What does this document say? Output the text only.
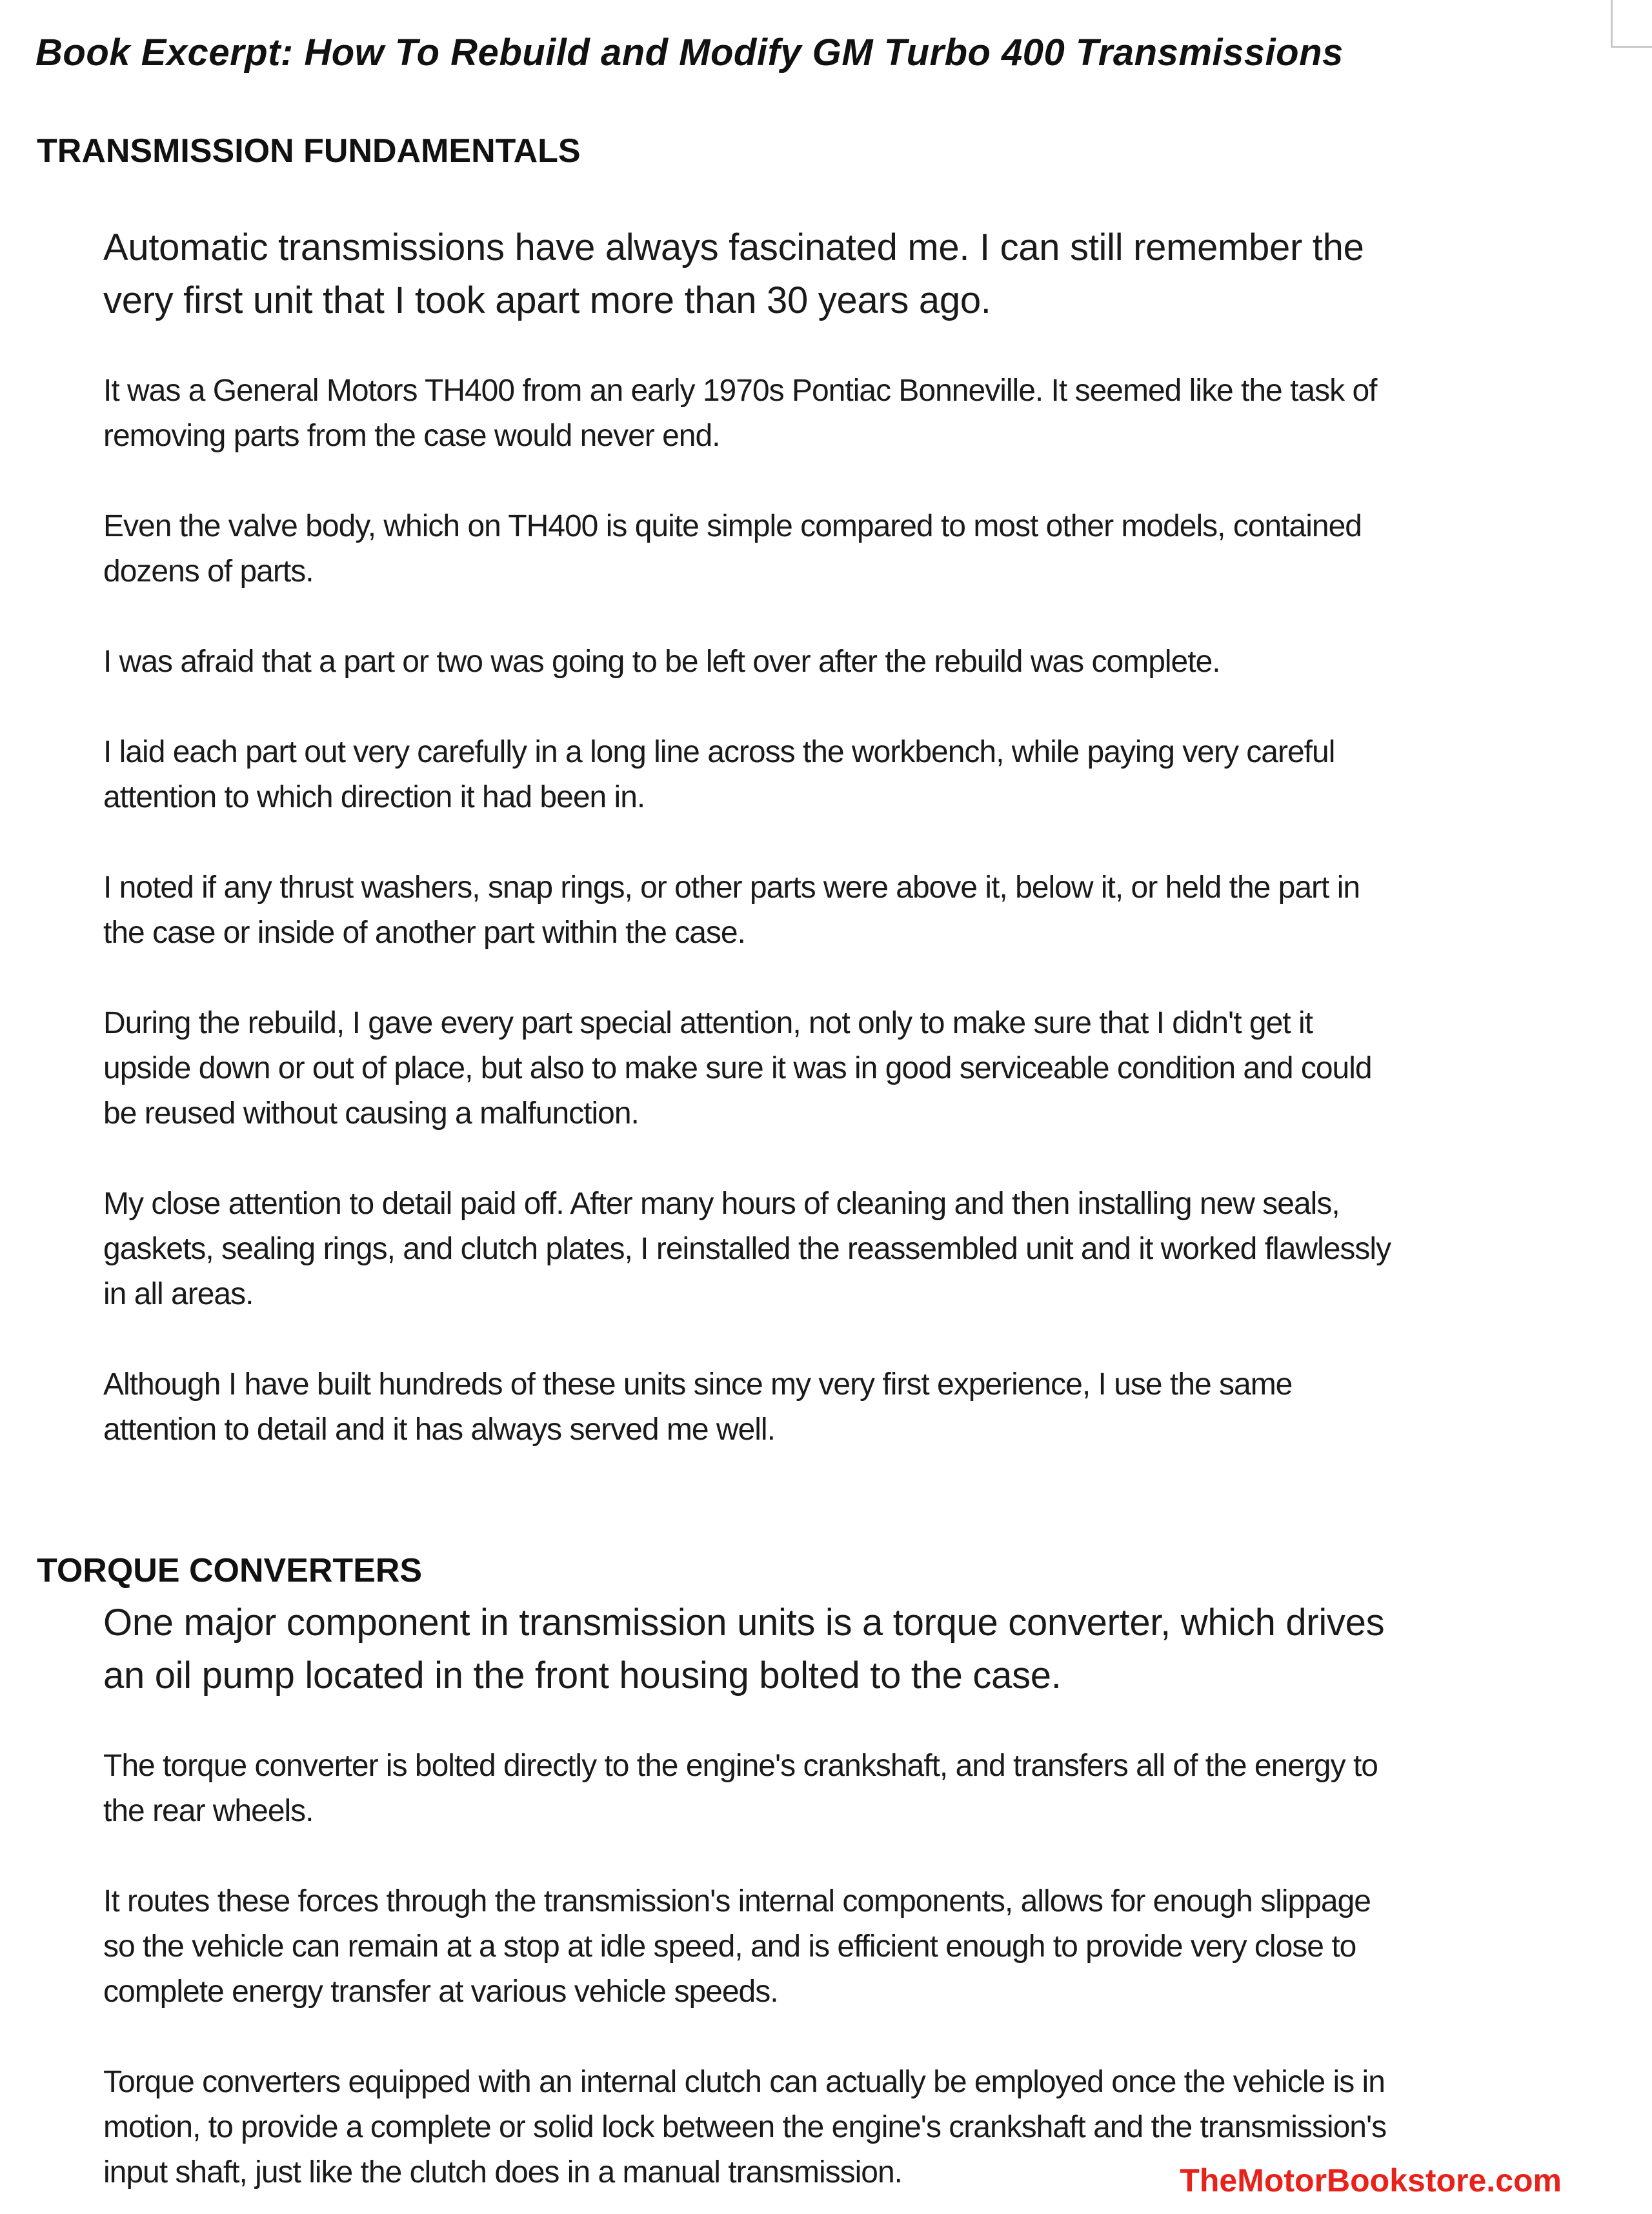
Book Excerpt: How To Rebuild and Modify GM Turbo 400 Transmissions
TRANSMISSION FUNDAMENTALS

Automatic transmissions have always fascinated me. I can still remember the very first unit that I took apart more than 30 years ago.

It was a General Motors TH400 from an early 1970s Pontiac Bonneville. It seemed like the task of removing parts from the case would never end.

Even the valve body, which on TH400 is quite simple compared to most other models, contained dozens of parts.

I was afraid that a part or two was going to be left over after the rebuild was complete.

I laid each part out very carefully in a long line across the workbench, while paying very careful attention to which direction it had been in.

I noted if any thrust washers, snap rings, or other parts were above it, below it, or held the part in the case or inside of another part within the case.

During the rebuild, I gave every part special attention, not only to make sure that I didn't get it upside down or out of place, but also to make sure it was in good serviceable condition and could be reused without causing a malfunction.

My close attention to detail paid off. After many hours of cleaning and then installing new seals, gaskets, sealing rings, and clutch plates, I reinstalled the reassembled unit and it worked flawlessly in all areas.

Although I have built hundreds of these units since my very first experience, I use the same attention to detail and it has always served me well.

TORQUE CONVERTERS

One major component in transmission units is a torque converter, which drives an oil pump located in the front housing bolted to the case.

The torque converter is bolted directly to the engine's crankshaft, and transfers all of the energy to the rear wheels.

It routes these forces through the transmission's internal components, allows for enough slippage so the vehicle can remain at a stop at idle speed, and is efficient enough to provide very close to complete energy transfer at various vehicle speeds.

Torque converters equipped with an internal clutch can actually be employed once the vehicle is in motion, to provide a complete or solid lock between the engine's crankshaft and the transmission's input shaft, just like the clutch does in a manual transmission.	TheMotorBookstore.com
